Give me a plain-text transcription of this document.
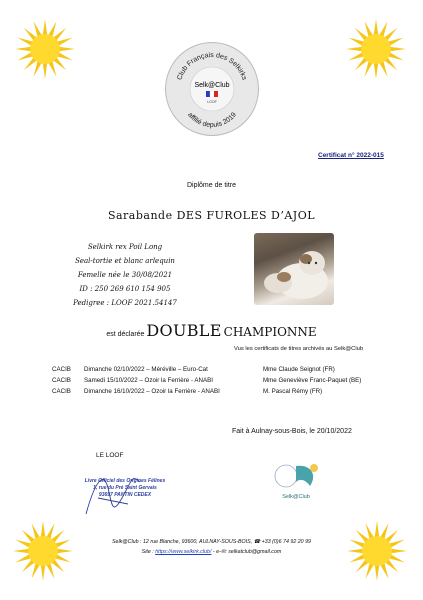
Club Français des Selkirks
affilié depuis 2019
Selk@Club
LOOF
Certificat n° 2022-015
Diplôme de titre
Sarabande DES FUROLES D’AJOL
Selkirk rex Poil Long
Seal-tortie et blanc arlequin
Femelle née le 30/08/2021
ID : 250 269 610 154 905
Pedigree : LOOF 2021.54147
est déclarée DOUBLE CHAMPIONNE
Vus les certificats de titres archivés au Selk@Club
CACIB Dimanche 02/10/2022 – Méréville – Euro-Cat	Mme Claude Seignot (FR)
CACIB Samedi 15/10/2022 – Ozoir la Ferrière - ANABI	Mme Geneviève Franc-Paquet (BE)
CACIB Dimanche 16/10/2022 – Ozoir la Ferrière - ANABI	M. Pascal Rémy (FR)
Fait à Aulnay-sous-Bois, le 20/10/2022
LE LOOF
Livre Officiel des Origines Félines
1, rue du Pré Saint Gervais
93697 PANTIN CEDEX	Selk@Club
Selk@Club : 12 rue Blanche, 93600, AULNAY-SOUS-BOIS, ☎ +33 (0)6 74 92 20 99
Site : https://www.selkirk.club/ - e-✉: selkatclub@gmail.com
